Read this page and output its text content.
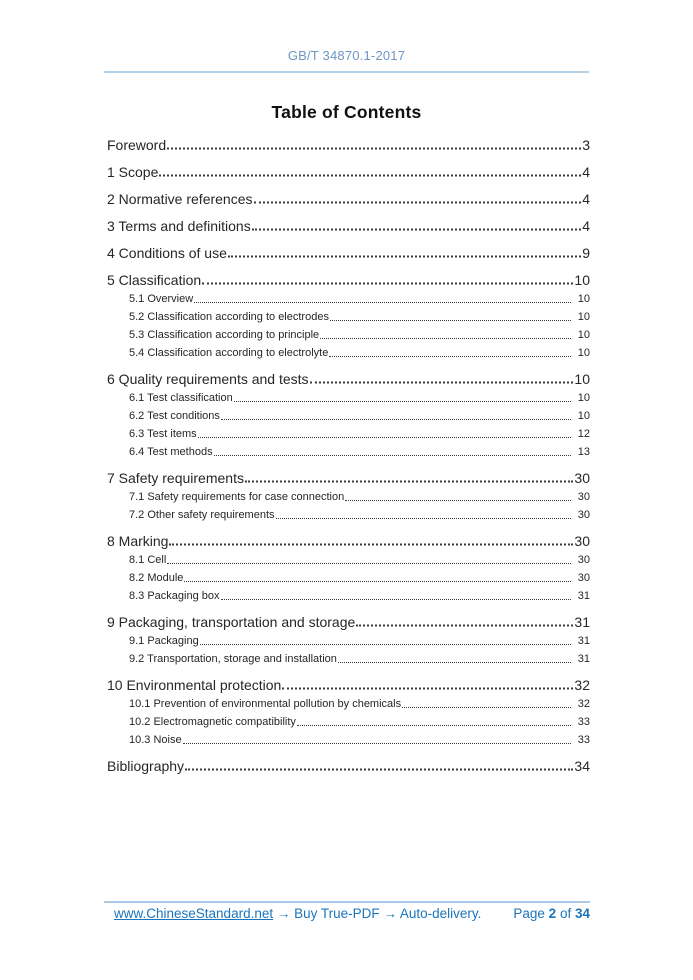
GB/T 34870.1-2017
Table of Contents
Foreword	3
1 Scope	4
2 Normative references	4
3 Terms and definitions	4
4 Conditions of use	9
5 Classification	10
5.1 Overview	10
5.2 Classification according to electrodes	10
5.3 Classification according to principle	10
5.4 Classification according to electrolyte	10
6 Quality requirements and tests	10
6.1 Test classification	10
6.2 Test conditions	10
6.3 Test items	12
6.4 Test methods	13
7 Safety requirements	30
7.1 Safety requirements for case connection	30
7.2 Other safety requirements	30
8 Marking	30
8.1 Cell	30
8.2 Module	30
8.3 Packaging box	31
9 Packaging, transportation and storage	31
9.1 Packaging	31
9.2 Transportation, storage and installation	31
10 Environmental protection	32
10.1 Prevention of environmental pollution by chemicals	32
10.2 Electromagnetic compatibility	33
10.3 Noise	33
Bibliography	34
www.ChineseStandard.net → Buy True-PDF → Auto-delivery. Page 2 of 34
